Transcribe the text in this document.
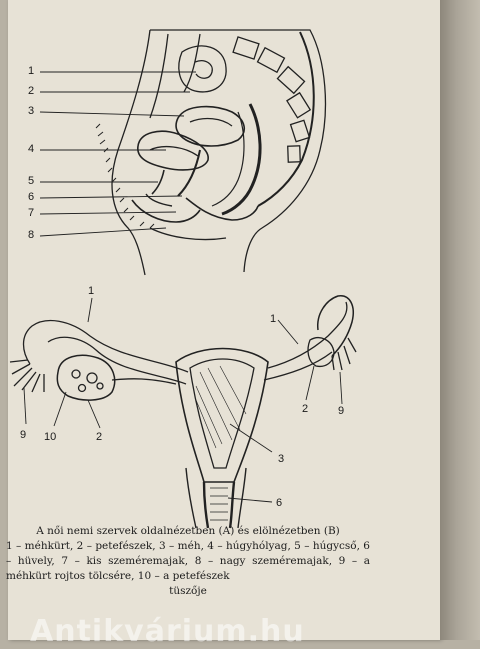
1
2
3
4
5
6
7
8
1
1
9 10	2
3
6
2	9
A női nemi szervek oldalnézetben (A) és elölnézetben (B)
1 – méhkürt, 2 – petefészek, 3 – méh, 4 – húgyhólyag, 5 – húgycső, 6 – hüvely, 7 – kis szeméremajak, 8 – nagy szeméremajak, 9 – a méhkürt rojtos tölcsére, 10 – a petefészek
tüszője
Antikvárium.hu
